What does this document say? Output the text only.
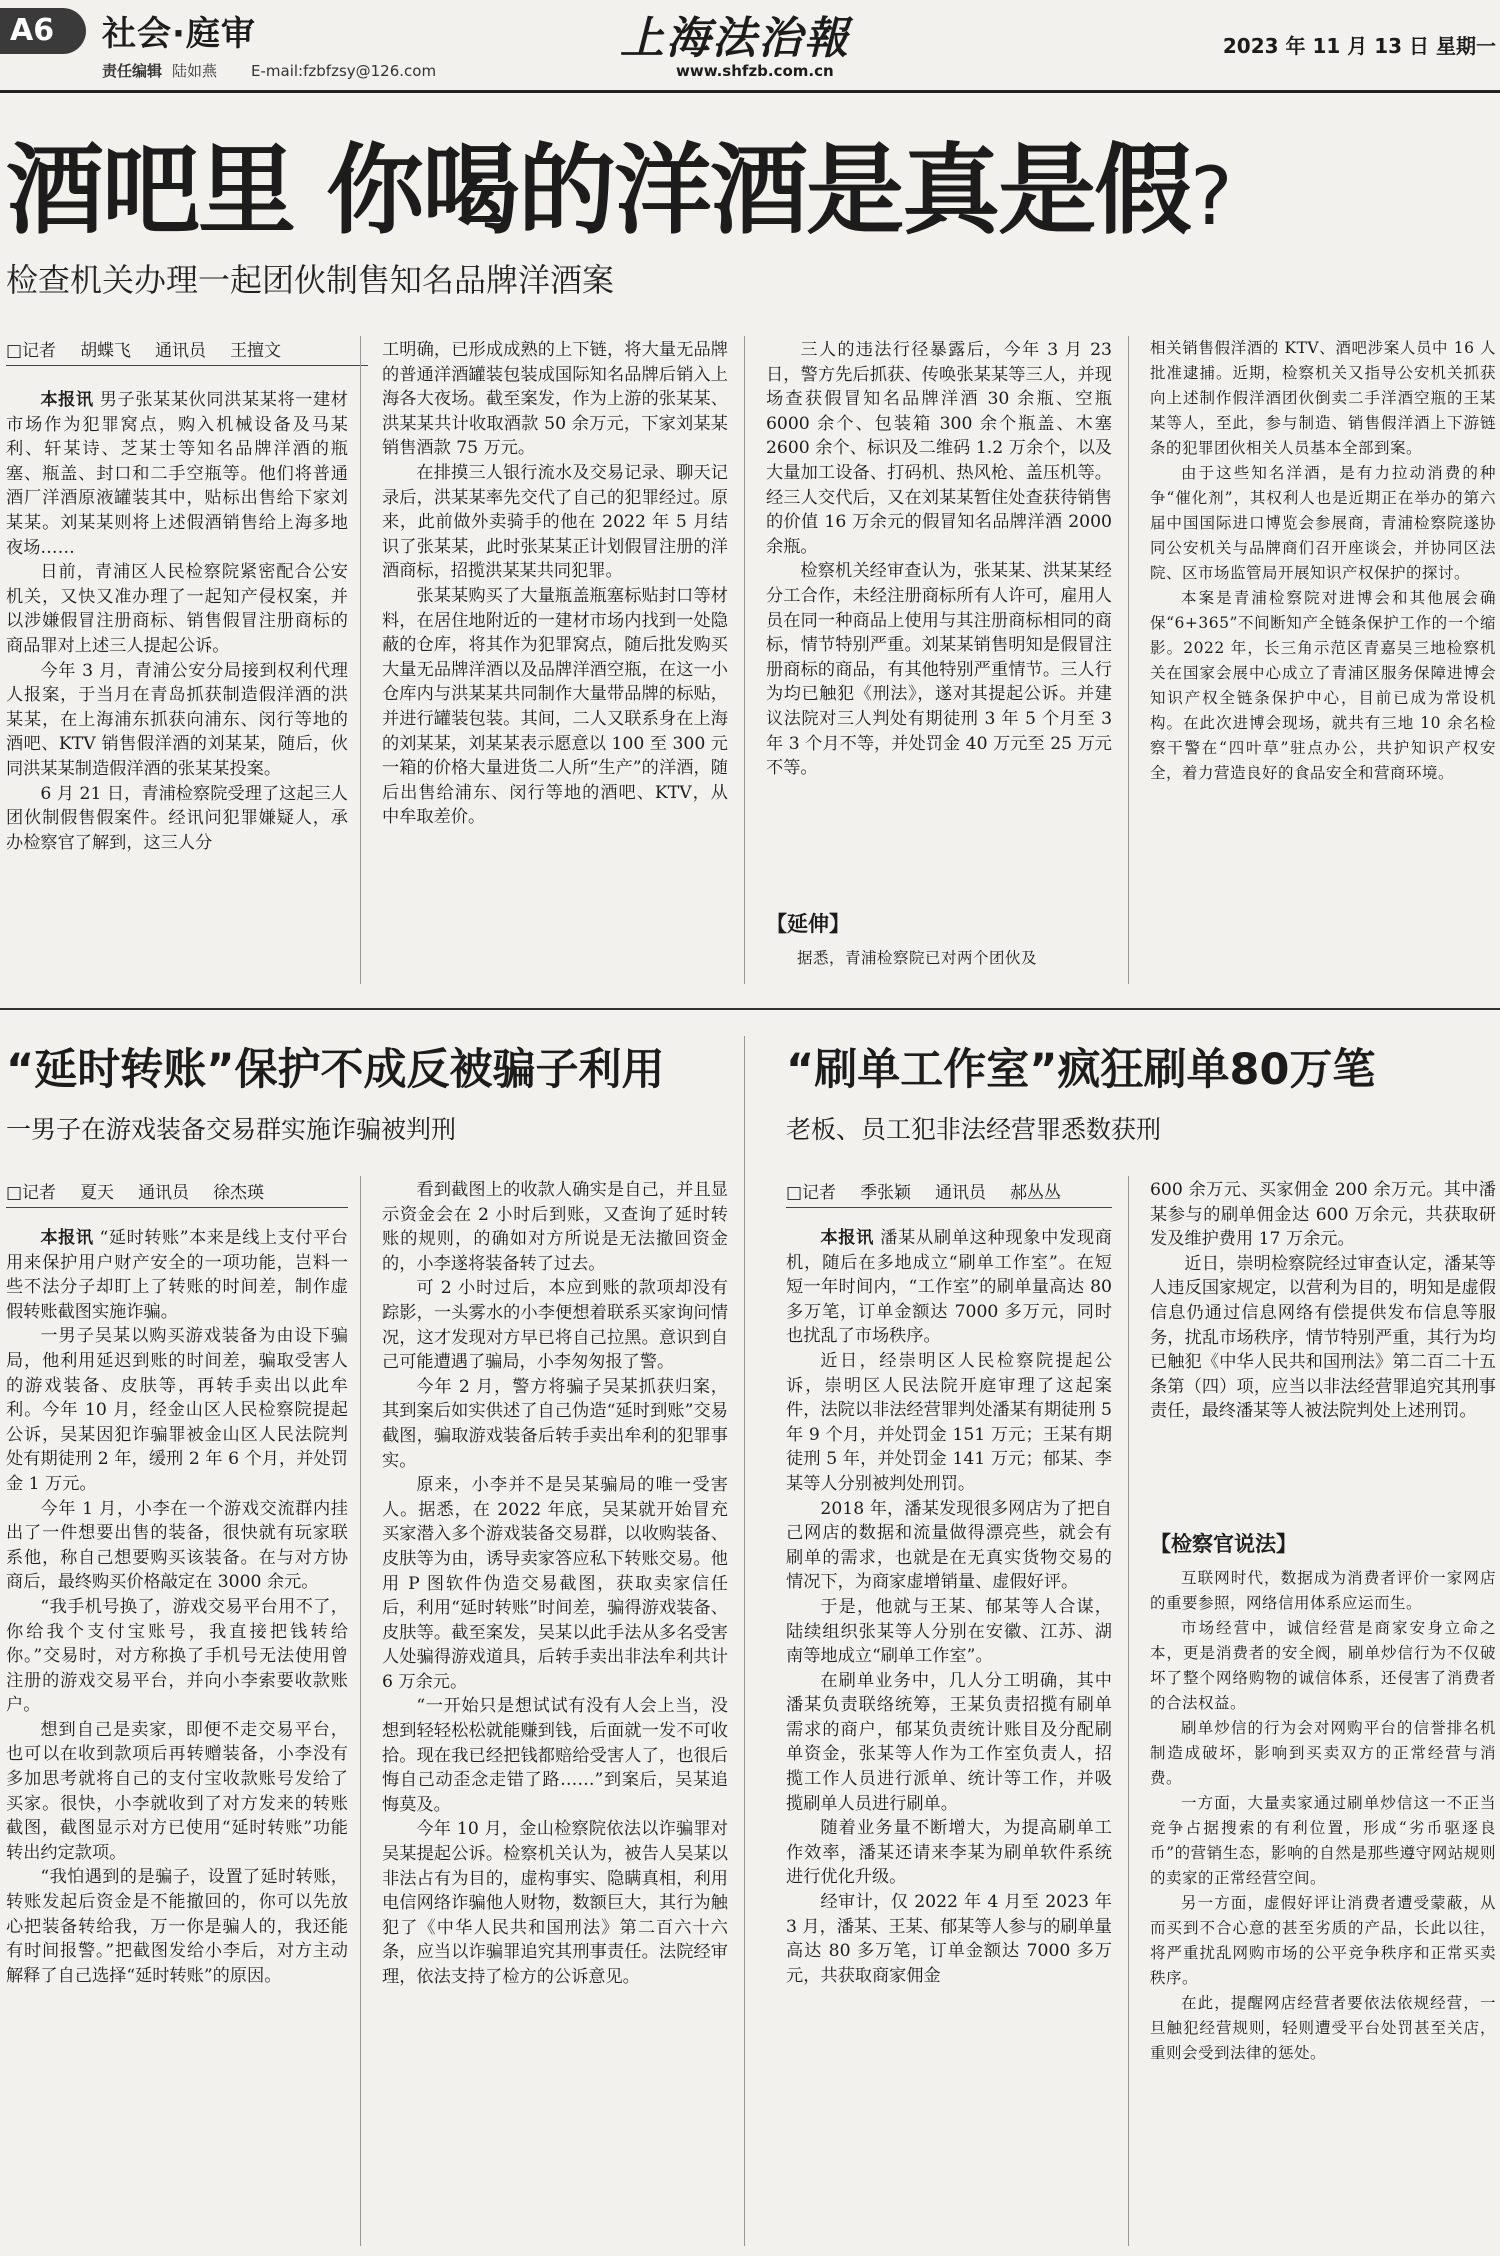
A6	社会·庭审
责任编辑 陆如燕 E-mail:fzbfzsy@126.com
上海法治報
www.shfzb.com.cn
2023 年 11 月 13 日 星期一
酒吧里 你喝的洋酒是真是假?
检查机关办理一起团伙制售知名品牌洋酒案
□记者 胡蝶飞 通讯员 王擅文

本报讯 男子张某某伙同洪某某将一建材市场作为犯罪窝点，购入机械设备及马某利、轩某诗、芝某士等知名品牌洋酒的瓶塞、瓶盖、封口和二手空瓶等。他们将普通酒厂洋酒原液罐装其中，贴标出售给下家刘某某。刘某某则将上述假酒销售给上海多地夜场……

日前，青浦区人民检察院紧密配合公安机关，又快又准办理了一起知产侵权案，并以涉嫌假冒注册商标、销售假冒注册商标的商品罪对上述三人提起公诉。

今年 3 月，青浦公安分局接到权利代理人报案，于当月在青岛抓获制造假洋酒的洪某某，在上海浦东抓获向浦东、闵行等地的酒吧、KTV 销售假洋酒的刘某某，随后，伙同洪某某制造假洋酒的张某某投案。

6 月 21 日，青浦检察院受理了这起三人团伙制假售假案件。经讯问犯罪嫌疑人，承办检察官了解到，这三人分

工明确，已形成成熟的上下链，将大量无品牌的普通洋酒罐装包装成国际知名品牌后销入上海各大夜场。截至案发，作为上游的张某某、洪某某共计收取酒款 50 余万元，下家刘某某销售酒款 75 万元。

在排摸三人银行流水及交易记录、聊天记录后，洪某某率先交代了自己的犯罪经过。原来，此前做外卖骑手的他在 2022 年 5 月结识了张某某，此时张某某正计划假冒注册的洋酒商标，招揽洪某某共同犯罪。

张某某购买了大量瓶盖瓶塞标贴封口等材料，在居住地附近的一建材市场内找到一处隐蔽的仓库，将其作为犯罪窝点，随后批发购买大量无品牌洋酒以及品牌洋酒空瓶，在这一小仓库内与洪某某共同制作大量带品牌的标贴，并进行罐装包装。其间，二人又联系身在上海的刘某某，刘某某表示愿意以 100 至 300 元一箱的价格大量进货二人所“生产”的洋酒，随后出售给浦东、闵行等地的酒吧、KTV，从中牟取差价。

三人的违法行径暴露后，今年 3 月 23 日，警方先后抓获、传唤张某某等三人，并现场查获假冒知名品牌洋酒 30 余瓶、空瓶 6000 余个、包装箱 300 余个瓶盖、木塞 2600 余个、标识及二维码 1.2 万余个，以及大量加工设备、打码机、热风枪、盖压机等。经三人交代后，又在刘某某暂住处查获待销售的价值 16 万余元的假冒知名品牌洋酒 2000 余瓶。

检察机关经审查认为，张某某、洪某某经分工合作，未经注册商标所有人许可，雇用人员在同一种商品上使用与其注册商标相同的商标，情节特别严重。刘某某销售明知是假冒注册商标的商品，有其他特别严重情节。三人行为均已触犯《刑法》，遂对其提起公诉。并建议法院对三人判处有期徒刑 3 年 5 个月至 3 年 3 个月不等，并处罚金 40 万元至 25 万元不等。

【 延伸 】
据悉，青浦检察院已对两个团伙及

相关销售假洋酒的 KTV、酒吧涉案人员中 16 人批准逮捕。近期，检察机关又指导公安机关抓获向上述制作假洋酒团伙倒卖二手洋酒空瓶的王某某等人，至此，参与制造、销售假洋酒上下游链条的犯罪团伙相关人员基本全部到案。

由于这些知名洋酒，是有力拉动消费的种争“催化剂”，其权利人也是近期正在举办的第六届中国国际进口博览会参展商，青浦检察院遂协同公安机关与品牌商们召开座谈会，并协同区法院、区市场监管局开展知识产权保护的探讨。

本案是青浦检察院对进博会和其他展会确保“6+365”不间断知产全链条保护工作的一个缩影。2022 年，长三角示范区青嘉吴三地检察机关在国家会展中心成立了青浦区服务保障进博会知识产权全链条保护中心，目前已成为常设机构。在此次进博会现场，就共有三地 10 余名检察干警在“四叶草”驻点办公，共护知识产权安全，着力营造良好的食品安全和营商环境。

“延时转账”保护不成反被骗子利用
一男子在游戏装备交易群实施诈骗被判刑
□记者 夏天 通讯员 徐杰瑛

本报讯 “延时转账”本来是线上支付平台用来保护用户财产安全的一项功能，岂料一些不法分子却盯上了转账的时间差，制作虚假转账截图实施诈骗。

一男子吴某以购买游戏装备为由设下骗局，他利用延迟到账的时间差，骗取受害人的游戏装备、皮肤等，再转手卖出以此牟利。今年 10 月，经金山区人民检察院提起公诉，吴某因犯诈骗罪被金山区人民法院判处有期徒刑 2 年，缓刑 2 年 6 个月，并处罚金 1 万元。

今年 1 月，小李在一个游戏交流群内挂出了一件想要出售的装备，很快就有玩家联系他，称自己想要购买该装备。在与对方协商后，最终购买价格敲定在 3000 余元。

“我手机号换了，游戏交易平台用不了，你给我个支付宝账号，我直接把钱转给你。”交易时，对方称换了手机号无法使用曾注册的游戏交易平台，并向小李索要收款账户。

想到自己是卖家，即便不走交易平台，也可以在收到款项后再转赠装备，小李没有多加思考就将自己的支付宝收款账号发给了买家。很快，小李就收到了对方发来的转账截图，截图显示对方已使用“延时转账”功能转出约定款项。

“我怕遇到的是骗子，设置了延时转账，转账发起后资金是不能撤回的，你可以先放心把装备转给我，万一你是骗人的，我还能有时间报警。”把截图发给小李后，对方主动解释了自己选择“延时转账”的原因。

看到截图上的收款人确实是自己，并且显示资金会在 2 小时后到账，又查询了延时转账的规则，的确如对方所说是无法撤回资金的，小李遂将装备转了过去。

可 2 小时过后，本应到账的款项却没有踪影，一头雾水的小李便想着联系买家询问情况，这才发现对方早已将自己拉黑。意识到自己可能遭遇了骗局，小李匆匆报了警。

今年 2 月，警方将骗子吴某抓获归案，其到案后如实供述了自己伪造“延时到账”交易截图，骗取游戏装备后转手卖出牟利的犯罪事实。

原来，小李并不是吴某骗局的唯一受害人。据悉，在 2022 年底，吴某就开始冒充买家潜入多个游戏装备交易群，以收购装备、皮肤等为由，诱导卖家答应私下转账交易。他用 P 图软件伪造交易截图，获取卖家信任后，利用“延时转账”时间差，骗得游戏装备、皮肤等。截至案发，吴某以此手法从多名受害人处骗得游戏道具，后转手卖出非法牟利共计 6 万余元。

“一开始只是想试试有没有人会上当，没想到轻轻松松就能赚到钱，后面就一发不可收拾。现在我已经把钱都赔给受害人了，也很后悔自己动歪念走错了路……”到案后，吴某追悔莫及。

今年 10 月，金山检察院依法以诈骗罪对吴某提起公诉。检察机关认为，被告人吴某以非法占有为目的，虚构事实、隐瞒真相，利用电信网络诈骗他人财物，数额巨大，其行为触犯了《中华人民共和国刑法》第二百六十六条，应当以诈骗罪追究其刑事责任。法院经审理，依法支持了检方的公诉意见。

“刷单工作室”疯狂刷单80万笔
老板、员工犯非法经营罪悉数获刑
□记者 季张颖 通讯员 郝丛丛

本报讯 潘某从刷单这种现象中发现商机，随后在多地成立“刷单工作室”。在短短一年时间内，“工作室”的刷单量高达 80 多万笔，订单金额达 7000 多万元，同时也扰乱了市场秩序。

近日，经崇明区人民检察院提起公诉，崇明区人民法院开庭审理了这起案件，法院以非法经营罪判处潘某有期徒刑 5 年 9 个月，并处罚金 151 万元；王某有期徒刑 5 年，并处罚金 141 万元；郁某、李某等人分别被判处刑罚。

2018 年，潘某发现很多网店为了把自己网店的数据和流量做得漂亮些，就会有刷单的需求，也就是在无真实货物交易的情况下，为商家虚增销量、虚假好评。

于是，他就与王某、郁某等人合谋，陆续组织张某等人分别在安徽、江苏、湖南等地成立“刷单工作室”。

在刷单业务中，几人分工明确，其中潘某负责联络统筹，王某负责招揽有刷单需求的商户，郁某负责统计账目及分配刷单资金，张某等人作为工作室负责人，招揽工作人员进行派单、统计等工作，并吸揽刷单人员进行刷单。

随着业务量不断增大，为提高刷单工作效率，潘某还请来李某为刷单软件系统进行优化升级。

经审计，仅 2022 年 4 月至 2023 年 3 月，潘某、王某、郁某等人参与的刷单量高达 80 多万笔，订单金额达 7000 多万元，共获取商家佣金

600 余万元、买家佣金 200 余万元。其中潘某参与的刷单佣金达 600 万余元，共获取研发及维护费用 17 万余元。

近日，崇明检察院经过审查认定，潘某等人违反国家规定，以营利为目的，明知是虚假信息仍通过信息网络有偿提供发布信息等服务，扰乱市场秩序，情节特别严重，其行为均已触犯《中华人民共和国刑法》第二百二十五条第（四）项，应当以非法经营罪追究其刑事责任，最终潘某等人被法院判处上述刑罚。

【 检察官说法 】

互联网时代，数据成为消费者评价一家网店的重要参照，网络信用体系应运而生。

市场经营中，诚信经营是商家安身立命之本，更是消费者的安全阀，刷单炒信行为不仅破坏了整个网络购物的诚信体系，还侵害了消费者的合法权益。

刷单炒信的行为会对网购平台的信誉排名机制造成破坏，影响到买卖双方的正常经营与消费。

一方面，大量卖家通过刷单炒信这一不正当竞争占据搜索的有利位置，形成“劣币驱逐良币”的营销生态，影响的自然是那些遵守网站规则的卖家的正常经营空间。

另一方面，虚假好评让消费者遭受蒙蔽，从而买到不合心意的甚至劣质的产品，长此以往，将严重扰乱网购市场的公平竞争秩序和正常买卖秩序。

在此，提醒网店经营者要依法依规经营，一旦触犯经营规则，轻则遭受平台处罚甚至关店，重则会受到法律的惩处。
